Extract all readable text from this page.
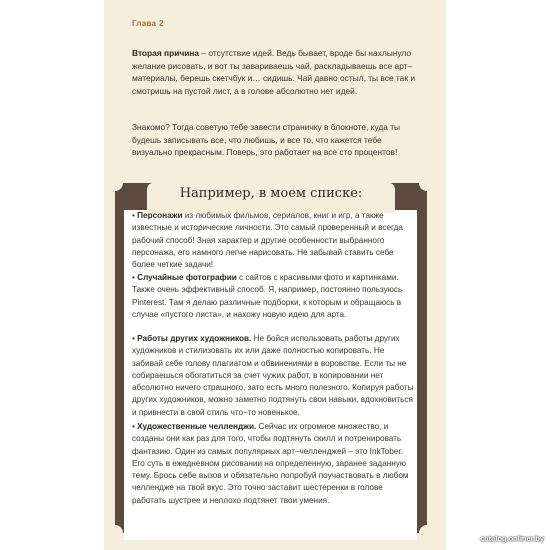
Глава 2

Вторая причина – отсутствие идей. Ведь бывает, вроде бы нахлынуло желание рисовать, и вот ты завариваешь чай, раскладываешь все арт–материалы, берешь скетчбук и… сидишь. Чай давно остыл, ты все так и смотришь на пустой лист, а в голове абсолютно нет идей.

Знакомо? Тогда советую тебе завести страничку в блокноте, куда ты будешь записывать все, что любишь, и все то, что кажется тебе визуально прекрасным. Поверь, это работает на все сто процентов!

Например, в моем списке:

• Персонажи из любимых фильмов, сериалов, книг и игр, а также известные и исторические личности. Это самый проверенный и всегда рабочий способ! Зная характер и другие особенности выбранного персонажа, его намного легче нарисовать. Не забывай ставить себе более четкие задачи!

• Случайные фотографии с сайтов с красивыми фото и картинками. Также очень эффективный способ. Я, например, постоянно пользуюсь Pinterest. Там я делаю различные подборки, к которым и обращаюсь в случае «пустого листа», и нахожу новую идею для арта.

• Работы других художников. Не бойся использовать работы других художников и стилизовать их или даже полностью копировать. Не забивай себе голову плагиатом и обвинениями в воровстве. Если ты не собираешься обогатиться за счет чужих работ, в копировании нет абсолютно ничего страшного, зато есть много полезного. Копируя работы других художников, можно заметно подтянуть свои навыки, вдохновиться и привнести в свой стиль что–то новенькое.

• Художественные челленджи. Сейчас их огромное множество, и созданы они как раз для того, чтобы подтянуть скилл и потренировать фантазию. Один из самых популярных арт–челленджей – это InkTober. Его суть в ежедневном рисовании на определенную, заранее заданную тему. Брось себе вызов и обязательно попробуй поучаствовать в любом челлендже на твой вкус. Это точно заставит шестеренки в голове работать шустрее и неплохо подтянет твои умения.

catalog.onliner.by
